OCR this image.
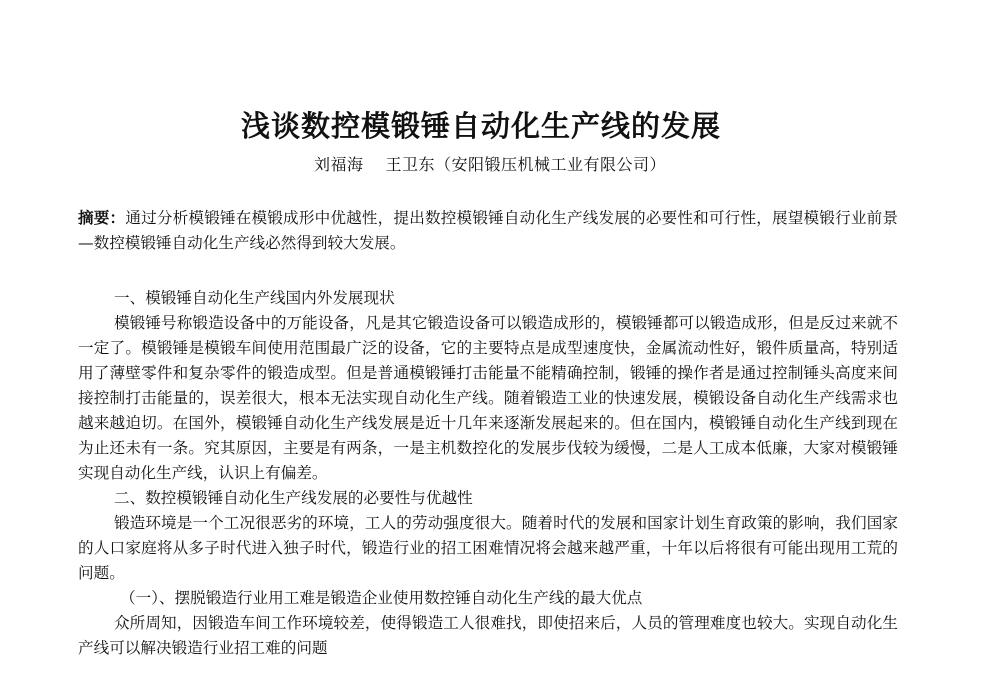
浅谈数控模锻锤自动化生产线的发展
刘福海　 王卫东（安阳锻压机械工业有限公司）
摘要：通过分析模锻锤在模锻成形中优越性，提出数控模锻锤自动化生产线发展的必要性和可行性，展望模锻行业前景—数控模锻锤自动化生产线必然得到较大发展。

一、模锻锤自动化生产线国内外发展现状

模锻锤号称锻造设备中的万能设备，凡是其它锻造设备可以锻造成形的，模锻锤都可以锻造成形，但是反过来就不一定了。模锻锤是模锻车间使用范围最广泛的设备，它的主要特点是成型速度快，金属流动性好，锻件质量高，特别适用了薄壁零件和复杂零件的锻造成型。但是普通模锻锤打击能量不能精确控制，锻锤的操作者是通过控制锤头高度来间接控制打击能量的，误差很大，根本无法实现自动化生产线。随着锻造工业的快速发展，模锻设备自动化生产线需求也越来越迫切。在国外，模锻锤自动化生产线发展是近十几年来逐渐发展起来的。但在国内，模锻锤自动化生产线到现在为止还未有一条。究其原因，主要是有两条，一是主机数控化的发展步伐较为缓慢，二是人工成本低廉，大家对模锻锤实现自动化生产线，认识上有偏差。

二、数控模锻锤自动化生产线发展的必要性与优越性

锻造环境是一个工况很恶劣的环境，工人的劳动强度很大。随着时代的发展和国家计划生育政策的影响，我们国家的人口家庭将从多子时代进入独子时代，锻造行业的招工困难情况将会越来越严重，十年以后将很有可能出现用工荒的问题。

（一）、摆脱锻造行业用工难是锻造企业使用数控锤自动化生产线的最大优点

众所周知，因锻造车间工作环境较差，使得锻造工人很难找，即使招来后，人员的管理难度也较大。实现自动化生产线可以解决锻造行业招工难的问题
